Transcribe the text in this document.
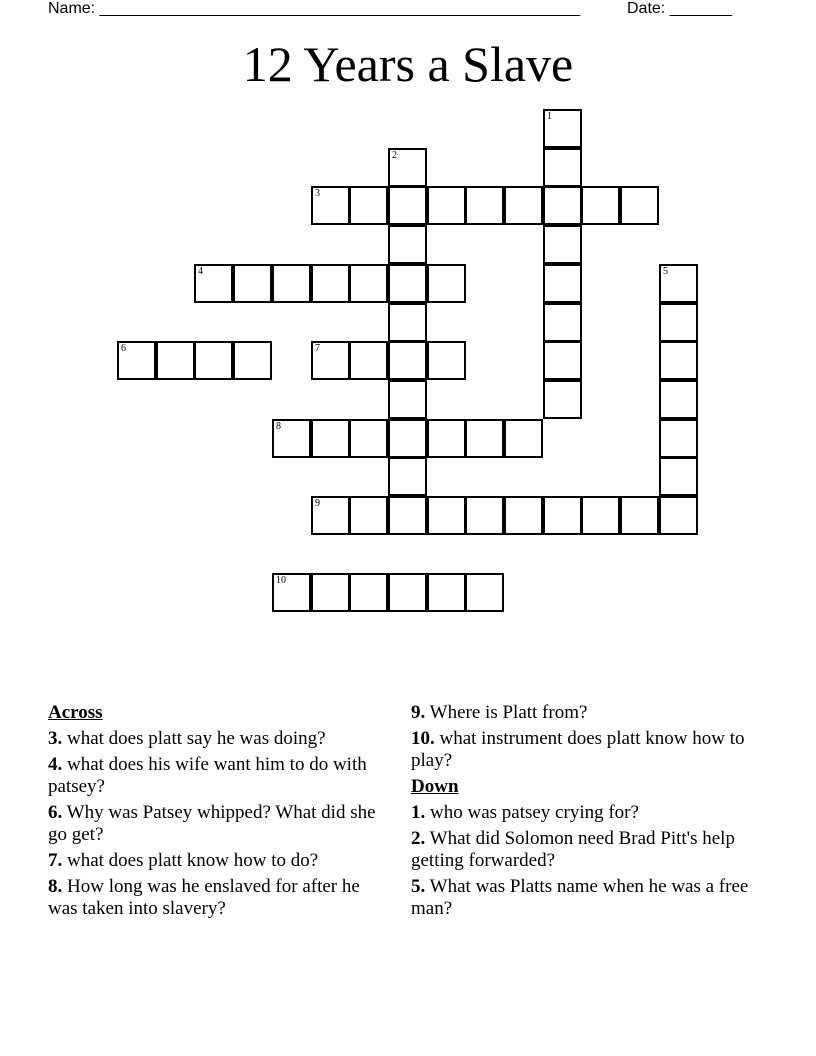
Name: ______________________________________________________	Date: _______
12 Years a Slave
1
2
3
4	5
6	7
8
9
10
Across
3. what does platt say he was doing?
4. what does his wife want him to do with patsey?
6. Why was Patsey whipped? What did she go get?
7. what does platt know how to do?
8. How long was he enslaved for after he was taken into slavery?
9. Where is Platt from?
10. what instrument does platt know how to play?
Down
1. who was patsey crying for?
2. What did Solomon need Brad Pitt's help getting forwarded?
5. What was Platts name when he was a free man?
